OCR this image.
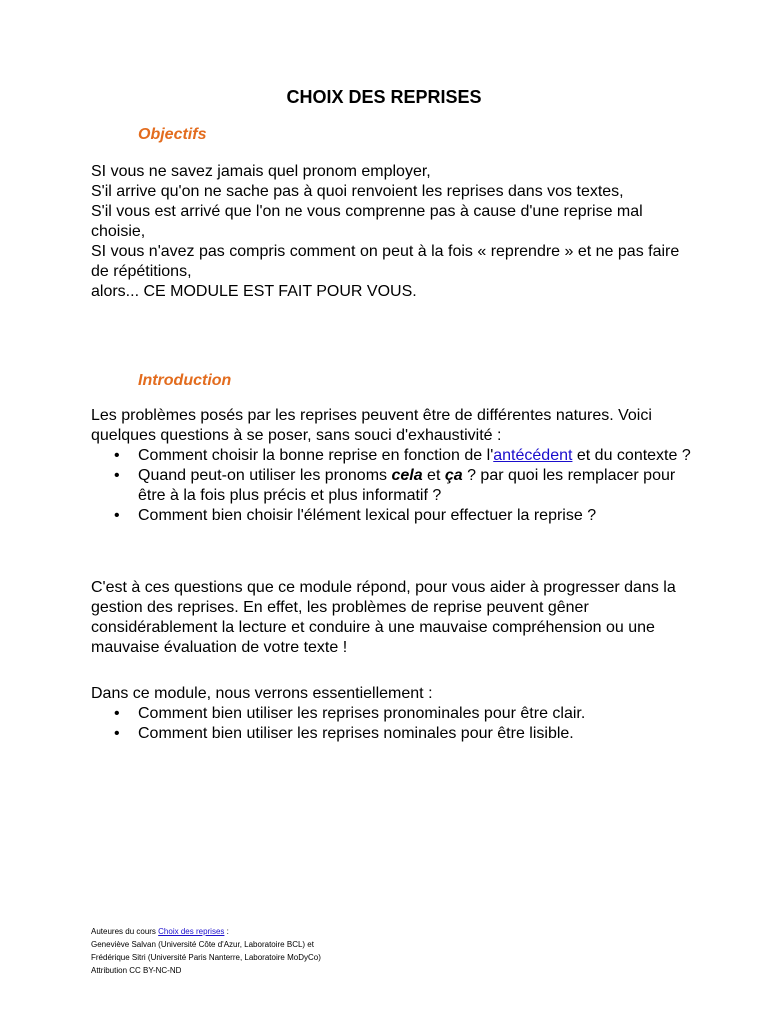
CHOIX DES REPRISES
Objectifs

SI vous ne savez jamais quel pronom employer,

S'il arrive qu'on ne sache pas à quoi renvoient les reprises dans vos textes,

S'il vous est arrivé que l'on ne vous comprenne pas à cause d'une reprise mal choisie,

SI vous n'avez pas compris comment on peut à la fois « reprendre » et ne pas faire de répétitions,

alors... CE MODULE EST FAIT POUR VOUS.

Introduction

Les problèmes posés par les reprises peuvent être de différentes natures. Voici quelques questions à se poser, sans souci d'exhaustivité :

• Comment choisir la bonne reprise en fonction de l'antécédent et du contexte ?
• Quand peut-on utiliser les pronoms cela et ça ? par quoi les remplacer pour être à la fois plus précis et plus informatif ?
• Comment bien choisir l'élément lexical pour effectuer la reprise ?

C'est à ces questions que ce module répond, pour vous aider à progresser dans la gestion des reprises. En effet, les problèmes de reprise peuvent gêner considérablement la lecture et conduire à une mauvaise compréhension ou une mauvaise évaluation de votre texte !

Dans ce module, nous verrons essentiellement :

• Comment bien utiliser les reprises pronominales pour être clair.
• Comment bien utiliser les reprises nominales pour être lisible.

Auteures du cours Choix des reprises :

Geneviève Salvan (Université Côte d'Azur, Laboratoire BCL) et

Frédérique Sitri (Université Paris Nanterre, Laboratoire MoDyCo)

Attribution CC BY-NC-ND
